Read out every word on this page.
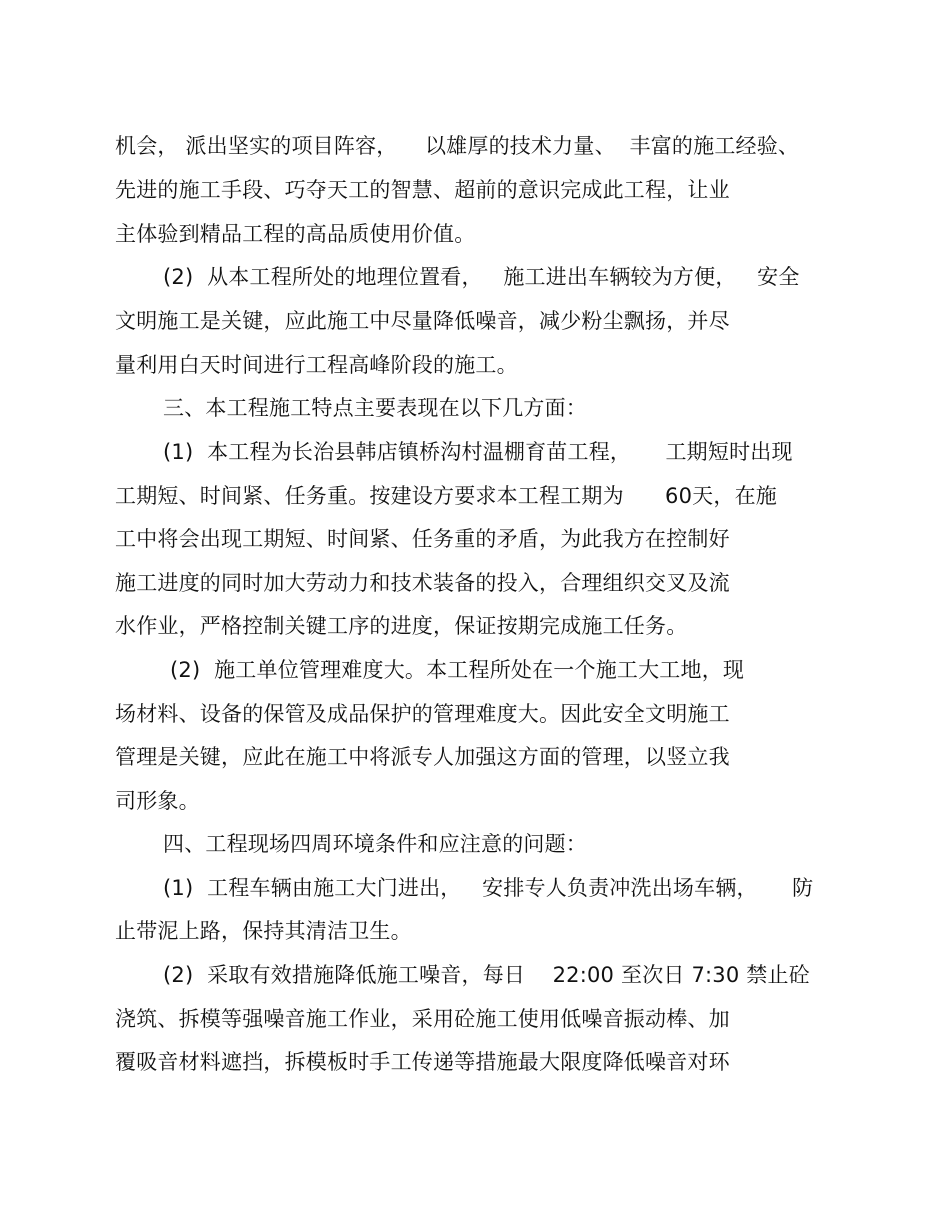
机会， 派出坚实的项目阵容，    以雄厚的技术力量、  丰富的施工经验、
先进的施工手段、巧夺天工的智慧、超前的意识完成此工程，让业
主体验到精品工程的高品质使用价值。
(2)  从本工程所处的地理位置看，   施工进出车辆较为方便，   安全
文明施工是关键，应此施工中尽量降低噪音，减少粉尘飘扬，并尽
量利用白天时间进行工程高峰阶段的施工。
三、本工程施工特点主要表现在以下几方面：
(1)  本工程为长治县韩店镇桥沟村温棚育苗工程，     工期短时出现
工期短、时间紧、任务重。按建设方要求本工程工期为      60天，在施
工中将会出现工期短、时间紧、任务重的矛盾，为此我方在控制好
施工进度的同时加大劳动力和技术装备的投入，合理组织交叉及流
水作业，严格控制关键工序的进度，保证按期完成施工任务。
(2)  施工单位管理难度大。本工程所处在一个施工大工地，现
场材料、设备的保管及成品保护的管理难度大。因此安全文明施工
管理是关键，应此在施工中将派专人加强这方面的管理，以竖立我
司形象。
四、工程现场四周环境条件和应注意的问题：
(1)  工程车辆由施工大门进出，   安排专人负责冲洗出场车辆，     防
止带泥上路，保持其清洁卫生。
(2)  采取有效措施降低施工噪音，每日    22:00 至次日 7:30 禁止砼
浇筑、拆模等强噪音施工作业，采用砼施工使用低噪音振动棒、加
覆吸音材料遮挡，拆模板时手工传递等措施最大限度降低噪音对环
